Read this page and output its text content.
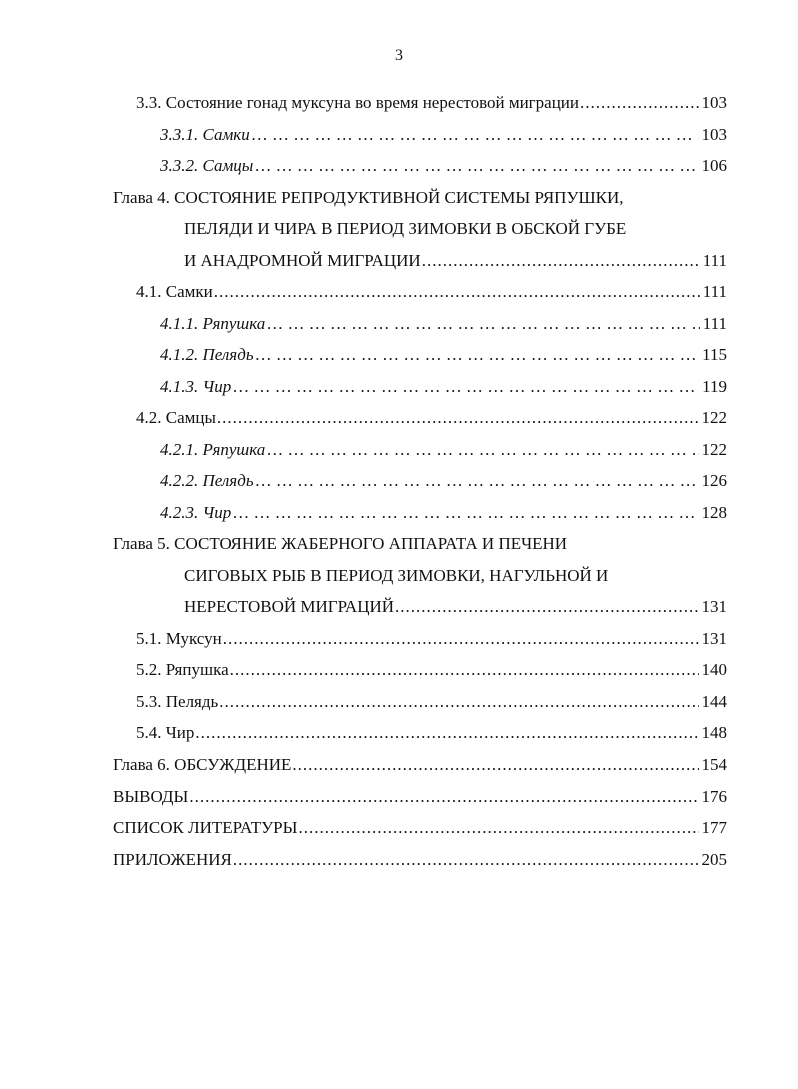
3
3.3. Состояние гонад муксуна во время нерестовой миграции .....	103
3.3.1. Самки … … … … … … … … … … … … … … … … … … … … … … … … … … … … … … … … … … … … … … … … … … … … … … … … … … … … … … … … … … … … … … … … … … … … … … … … … … … … … … … … …	103
3.3.2. Самцы … … … … … … … … … … … … … … … … … … … … … … … … … … … … … … … … … … … … … … … … … … … … … … … … … … … … … … … … … … … … … … … … … … … … … … … … … … … … … … … … …	106
Глава 4. СОСТОЯНИЕ РЕПРОДУКТИВНОЙ СИСТЕМЫ РЯПУШКИ,
ПЕЛЯДИ И ЧИРА В ПЕРИОД ЗИМОВКИ В ОБСКОЙ ГУБЕ
И АНАДРОМНОЙ МИГРАЦИИ .....	111
4.1. Самки .....	111
4.1.1. Ряпушка … … … … … … … … … … … … … … … … … … … … … … … … … … … … … … … … … … … … … … … … … … … … … … … … … … … … … … … … … … … … … … … … … … … … … … … … … … … … … … … … …	111
4.1.2. Пелядь … … … … … … … … … … … … … … … … … … … … … … … … … … … … … … … … … … … … … … … … … … … … … … … … … … … … … … … … … … … … … … … … … … … … … … … … … … … … … … … … …	115
4.1.3. Чир … … … … … … … … … … … … … … … … … … … … … … … … … … … … … … … … … … … … … … … … … … … … … … … … … … … … … … … … … … … … … … … … … … … … … … … … … … … … … … … … …	119
4.2. Самцы .....	122
4.2.1. Ряпушка … … … … … … … … … … … … … … … … … … … … … … … … … … … … … … … … … … … … … … … … … … … … … … … … … … … … … … … … … … … … … … … … … … … … … … … … … … … … … … … … …	122
4.2.2. Пелядь … … … … … … … … … … … … … … … … … … … … … … … … … … … … … … … … … … … … … … … … … … … … … … … … … … … … … … … … … … … … … … … … … … … … … … … … … … … … … … … … …	126
4.2.3. Чир … … … … … … … … … … … … … … … … … … … … … … … … … … … … … … … … … … … … … … … … … … … … … … … … … … … … … … … … … … … … … … … … … … … … … … … … … … … … … … … … …	128
Глава 5. СОСТОЯНИЕ ЖАБЕРНОГО АППАРАТА И ПЕЧЕНИ
СИГОВЫХ РЫБ В ПЕРИОД ЗИМОВКИ, НАГУЛЬНОЙ И
НЕРЕСТОВОЙ МИГРАЦИЙ .....	131
5.1. Муксун .....	131
5.2. Ряпушка .....	140
5.3. Пелядь .....	144
5.4. Чир .....	148
Глава 6. ОБСУЖДЕНИЕ .....	154
ВЫВОДЫ .....	176
СПИСОК ЛИТЕРАТУРЫ .....	177
ПРИЛОЖЕНИЯ .....	205
